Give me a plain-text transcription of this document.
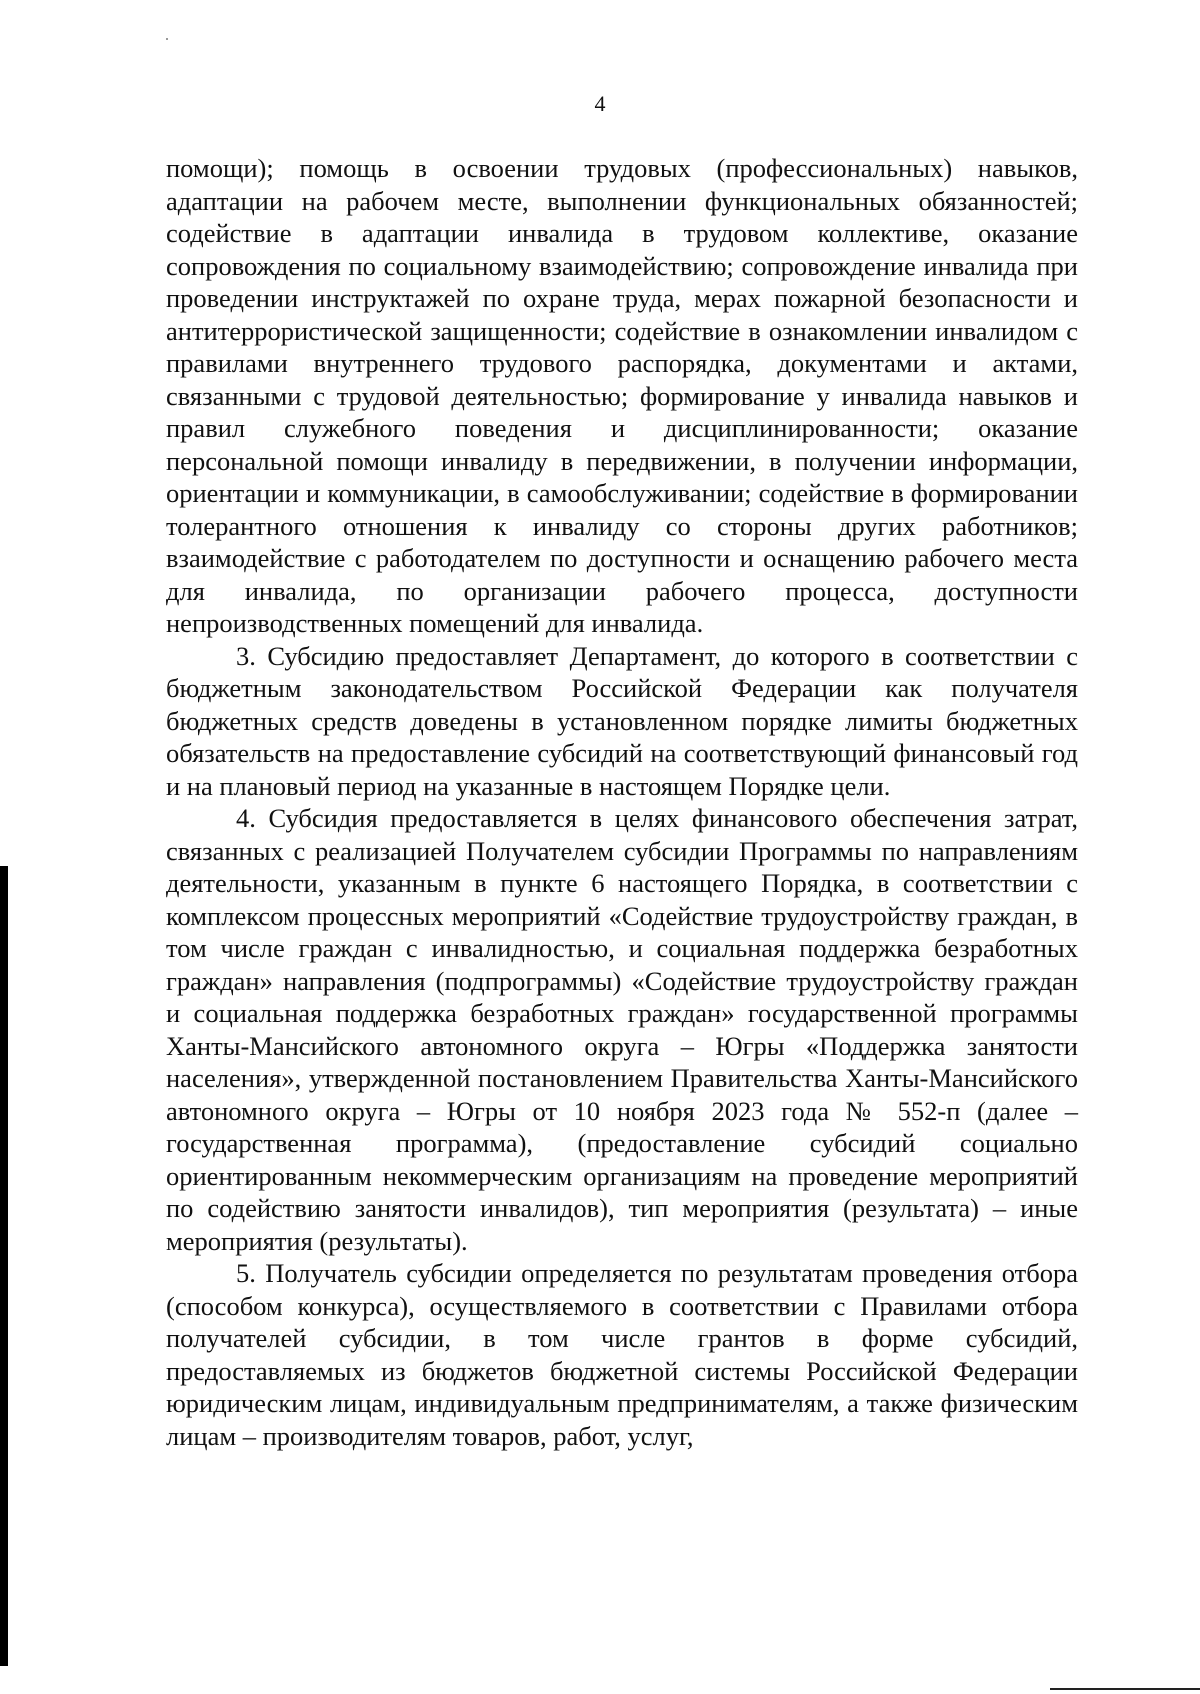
4

помощи); помощь в освоении трудовых (профессиональных) навыков, адаптации на рабочем месте, выполнении функциональных обязанностей; содействие в адаптации инвалида в трудовом коллективе, оказание сопровождения по социальному взаимодействию; сопровождение инвалида при проведении инструктажей по охране труда, мерах пожарной безопасности и антитеррористической защищенности; содействие в ознакомлении инвалидом с правилами внутреннего трудового распорядка, документами и актами, связанными с трудовой деятельностью; формирование у инвалида навыков и правил служебного поведения и дисциплинированности; оказание персональной помощи инвалиду в передвижении, в получении информации, ориентации и коммуникации, в самообслуживании; содействие в формировании толерантного отношения к инвалиду со стороны других работников; взаимодействие с работодателем по доступности и оснащению рабочего места для инвалида, по организации рабочего процесса, доступности непроизводственных помещений для инвалида.

3. Субсидию предоставляет Департамент, до которого в соответствии с бюджетным законодательством Российской Федерации как получателя бюджетных средств доведены в установленном порядке лимиты бюджетных обязательств на предоставление субсидий на соответствующий финансовый год и на плановый период на указанные в настоящем Порядке цели.

4. Субсидия предоставляется в целях финансового обеспечения затрат, связанных с реализацией Получателем субсидии Программы по направлениям деятельности, указанным в пункте 6 настоящего Порядка, в соответствии с комплексом процессных мероприятий «Содействие трудоустройству граждан, в том числе граждан с инвалидностью, и социальная поддержка безработных граждан» направления (подпрограммы) «Содействие трудоустройству граждан и социальная поддержка безработных граждан» государственной программы Ханты-Мансийского автономного округа – Югры «Поддержка занятости населения», утвержденной постановлением Правительства Ханты-Мансийского автономного округа – Югры от 10 ноября 2023 года № 552-п (далее – государственная программа), (предоставление субсидий социально ориентированным некоммерческим организациям на проведение мероприятий по содействию занятости инвалидов), тип мероприятия (результата) – иные мероприятия (результаты).

5. Получатель субсидии определяется по результатам проведения отбора (способом конкурса), осуществляемого в соответствии с Правилами отбора получателей субсидии, в том числе грантов в форме субсидий, предоставляемых из бюджетов бюджетной системы Российской Федерации юридическим лицам, индивидуальным предпринимателям, а также физическим лицам – производителям товаров, работ, услуг,
